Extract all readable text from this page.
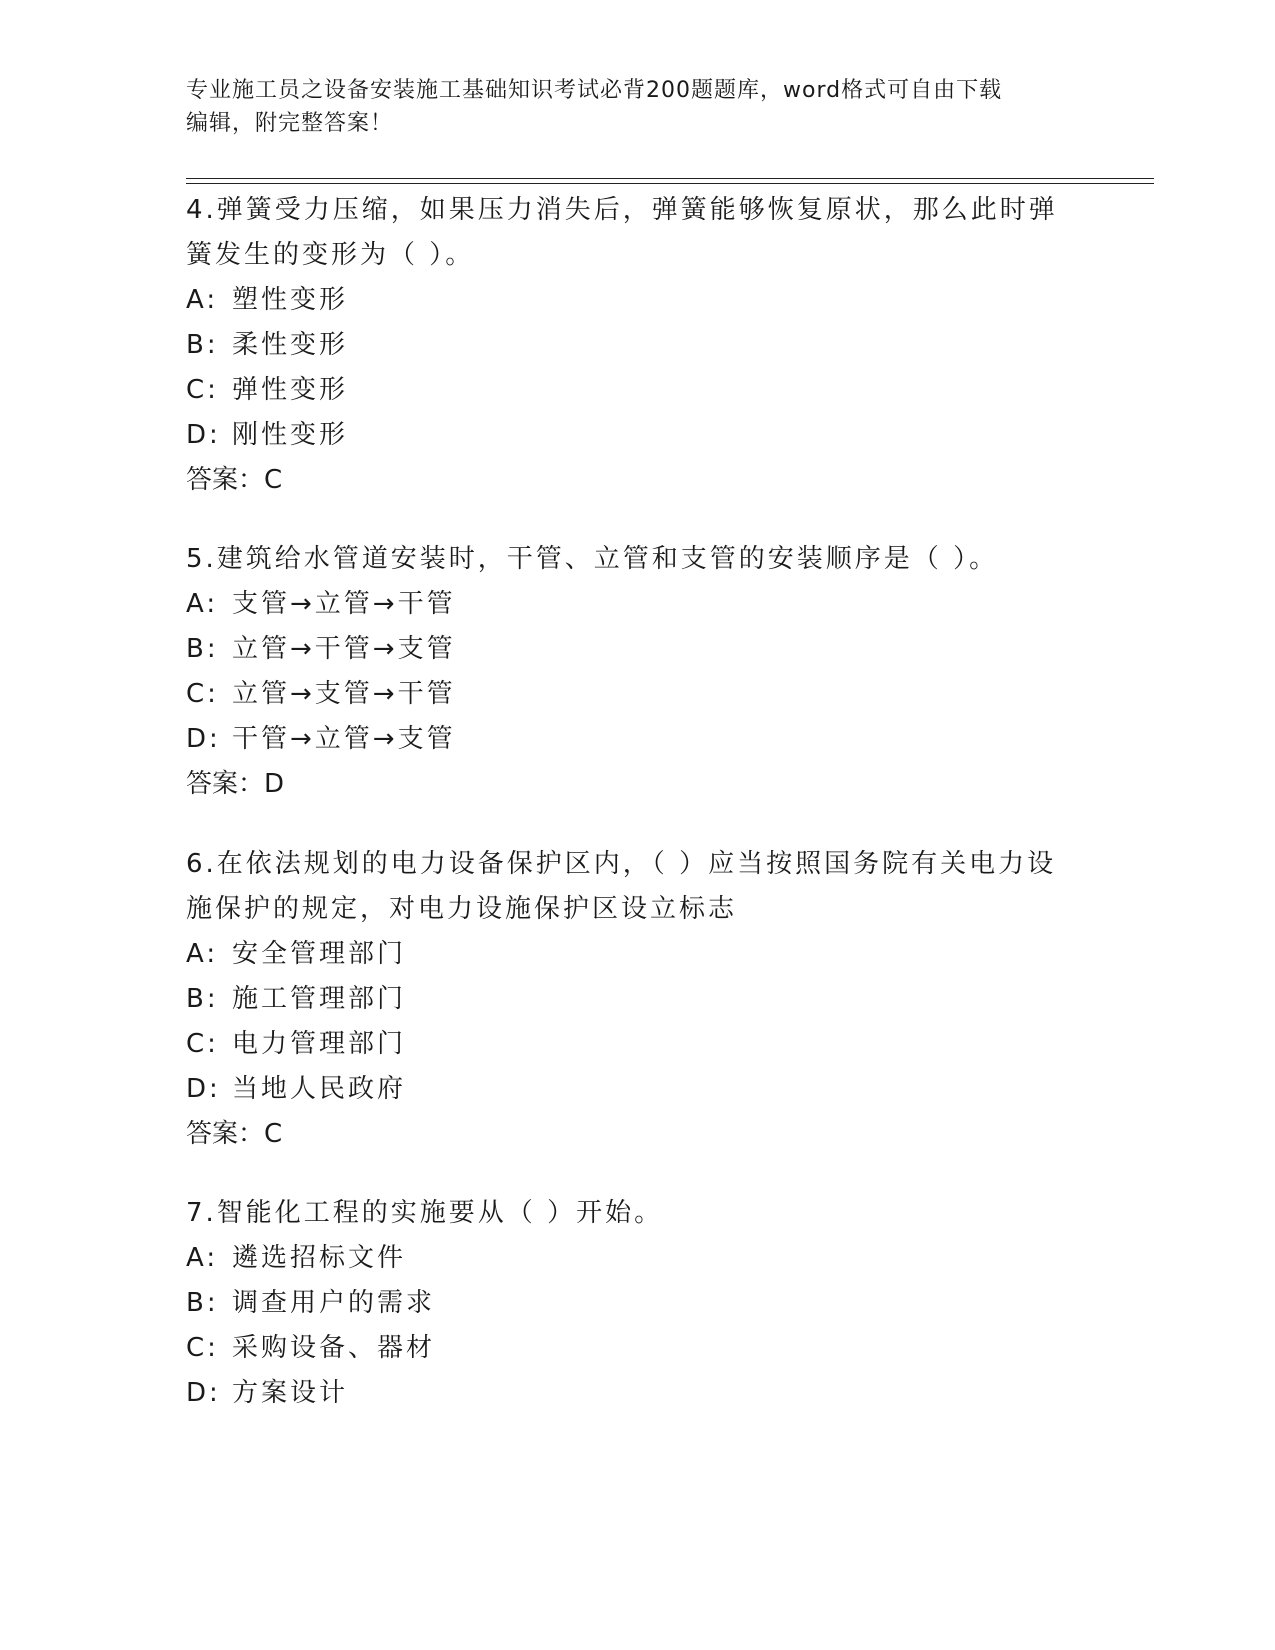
专业施工员之设备安装施工基础知识考试必背200题题库，word格式可自由下载
编辑，附完整答案！

4.弹簧受力压缩，如果压力消失后，弹簧能够恢复原状，那么此时弹

簧发生的变形为（ ）。

A: 塑性变形
B: 柔性变形
C: 弹性变形
D: 刚性变形

答案：C

5.建筑给水管道安装时，干管、立管和支管的安装顺序是（ ）。

A: 支管→立管→干管
B: 立管→干管→支管
C: 立管→支管→干管
D: 干管→立管→支管

答案：D

6.在依法规划的电力设备保护区内，（ ）应当按照国务院有关电力设

施保护的规定，对电力设施保护区设立标志

A: 安全管理部门
B: 施工管理部门
C: 电力管理部门
D: 当地人民政府

答案：C

7.智能化工程的实施要从（ ）开始。

A: 遴选招标文件
B: 调查用户的需求
C: 采购设备、器材
D: 方案设计
